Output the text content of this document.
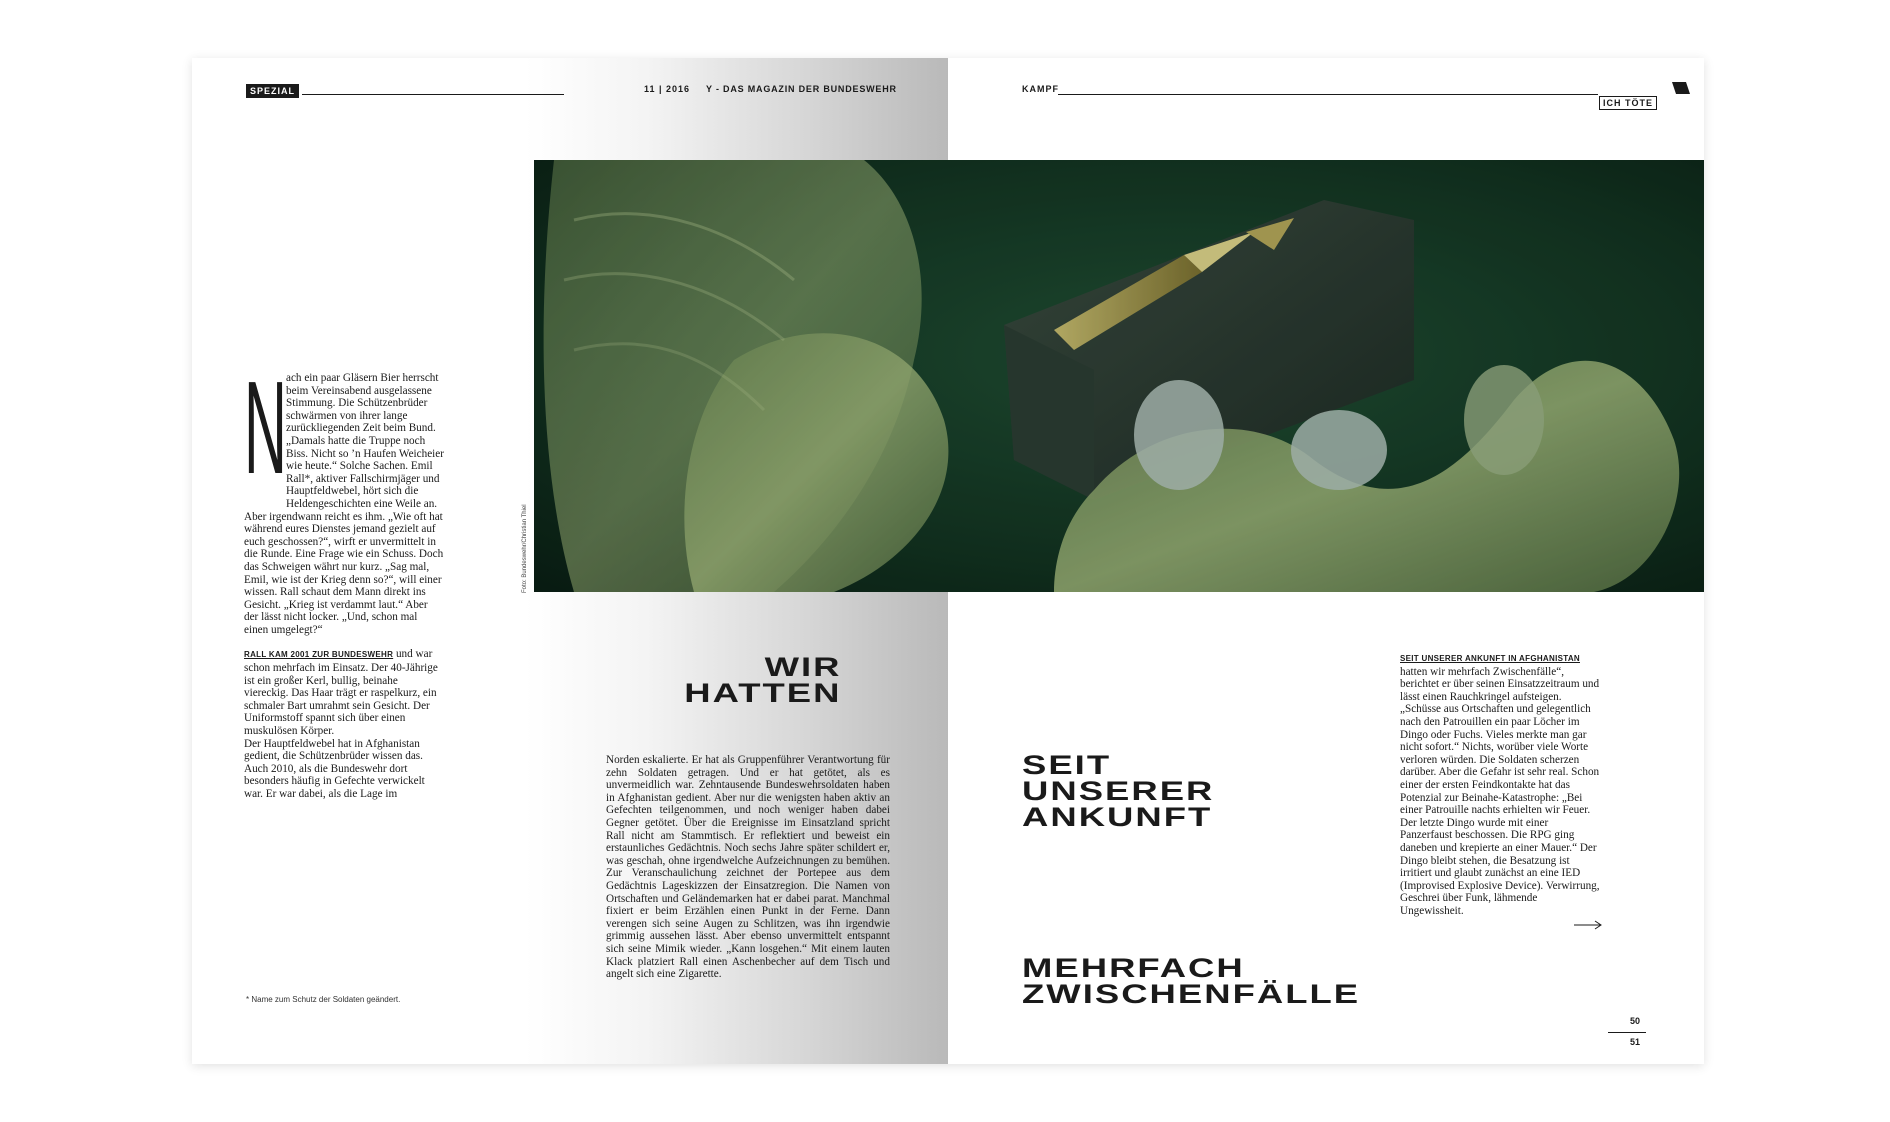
SPEZIAL	11 | 2016 Y - DAS MAGAZIN DER BUNDESWEHR
Foto: Bundeswehr/Christian Thiel
N ach ein paar Gläsern Bier herrscht beim Vereinsabend ausgelassene Stimmung. Die Schützenbrüder schwärmen von ihrer lange zurückliegenden Zeit beim Bund. „Damals hatte die Truppe noch Biss. Nicht so ’n Haufen Weicheier wie heute.“ Solche Sachen. Emil Rall*, aktiver Fallschirmjäger und Hauptfeldwebel, hört sich die Heldengeschichten eine Weile an. Aber irgendwann reicht es ihm. „Wie oft hat während eures Dienstes jemand gezielt auf euch geschossen?“, wirft er unvermittelt in die Runde. Eine Frage wie ein Schuss. Doch das Schweigen währt nur kurz. „Sag mal, Emil, wie ist der Krieg denn so?“, will einer wissen. Rall schaut dem Mann direkt ins Gesicht. „Krieg ist verdammt laut.“ Aber der lässt nicht locker. „Und, schon mal einen umgelegt?“
RALL KAM 2001 ZUR BUNDESWEHR und war schon mehrfach im Einsatz. Der 40-Jährige ist ein großer Kerl, bullig, beinahe viereckig. Das Haar trägt er raspelkurz, ein schmaler Bart umrahmt sein Gesicht. Der Uniformstoff spannt sich über einen muskulösen Körper.
Der Hauptfeldwebel hat in Afghanistan gedient, die Schützenbrüder wissen das. Auch 2010, als die Bundeswehr dort besonders häufig in Gefechte verwickelt war. Er war dabei, als die Lage im
* Name zum Schutz der Soldaten geändert.
WIR
HATTEN
Norden eskalierte. Er hat als Gruppenführer Verantwortung für zehn Soldaten getragen. Und er hat getötet, als es unvermeidlich war. Zehntausende Bundeswehrsoldaten haben in Afghanistan gedient. Aber nur die wenigsten haben aktiv an Gefechten teilgenommen, und noch weniger haben dabei Gegner getötet. Über die Ereignisse im Einsatzland spricht Rall nicht am Stammtisch. Er reflektiert und beweist ein erstaunliches Gedächtnis. Noch sechs Jahre später schildert er, was geschah, ohne irgendwelche Aufzeichnungen zu bemühen. Zur Veranschaulichung zeichnet der Portepee aus dem Gedächtnis Lageskizzen der Einsatzregion. Die Namen von Ortschaften und Geländemarken hat er dabei parat. Manchmal fixiert er beim Erzählen einen Punkt in der Ferne. Dann verengen sich seine Augen zu Schlitzen, was ihn irgendwie grimmig aussehen lässt. Aber ebenso unvermittelt entspannt sich seine Mimik wieder. „Kann losgehen.“ Mit einem lauten Klack platziert Rall einen Aschenbecher auf dem Tisch und angelt sich eine Zigarette.
KAMPF
ICH TÖTE
SEIT
UNSERER
ANKUNFT
MEHRFACH
ZWISCHENFÄLLE
SEIT UNSERER ANKUNFT IN AFGHANISTAN hatten wir mehrfach Zwischenfälle“, berichtet er über seinen Einsatzzeitraum und lässt einen Rauchkringel aufsteigen. „Schüsse aus Ortschaften und gelegentlich nach den Patrouillen ein paar Löcher im Dingo oder Fuchs. Vieles merkte man gar nicht sofort.“ Nichts, worüber viele Worte verloren würden. Die Soldaten scherzen darüber. Aber die Gefahr ist sehr real. Schon einer der ersten Feindkontakte hat das Potenzial zur Beinahe-Katastrophe: „Bei einer Patrouille nachts erhielten wir Feuer. Der letzte Dingo wurde mit einer Panzerfaust beschossen. Die RPG ging daneben und krepierte an einer Mauer.“ Der Dingo bleibt stehen, die Besatzung ist irritiert und glaubt zunächst an eine IED (Improvised Explosive Device). Verwirrung, Geschrei über Funk, lähmende Ungewissheit.
50
51
